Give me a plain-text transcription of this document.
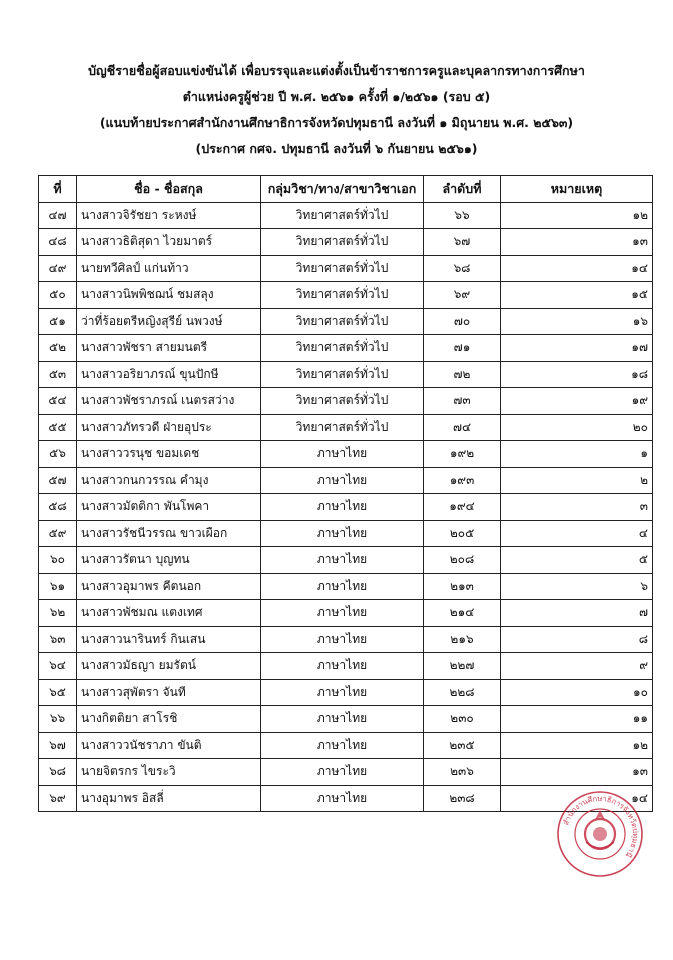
บัญชีรายชื่อผู้สอบแข่งขันได้ เพื่อบรรจุและแต่งตั้งเป็นข้าราชการครูและบุคลากรทางการศึกษา
ตำแหน่งครูผู้ช่วย ปี พ.ศ. ๒๕๖๑ ครั้งที่ ๑/๒๕๖๑ (รอบ ๕)
(แนบท้ายประกาศสำนักงานศึกษาธิการจังหวัดปทุมธานี ลงวันที่ ๑ มิถุนายน พ.ศ. ๒๕๖๓)
(ประกาศ กศจ. ปทุมธานี ลงวันที่ ๖ กันยายน ๒๕๖๑)
ที่	ชื่อ - ชื่อสกุล	กลุ่มวิชา/ทาง/สาขาวิชาเอก	ลำดับที่	หมายเหตุ
๔๗	นางสาวจิรัชยา ระหงษ์	วิทยาศาสตร์ทั่วไป	๖๖	๑๒
๔๘	นางสาวธิติสุดา ไวยมาตร์	วิทยาศาสตร์ทั่วไป	๖๗	๑๓
๔๙	นายทวีศิลป์ แก่นท้าว	วิทยาศาสตร์ทั่วไป	๖๘	๑๔
๕๐	นางสาวนิพพิชฌน์ ชมสลุง	วิทยาศาสตร์ทั่วไป	๖๙	๑๕
๕๑	ว่าที่ร้อยตรีหญิงสุรีย์ นพวงษ์	วิทยาศาสตร์ทั่วไป	๗๐	๑๖
๕๒	นางสาวพัชรา สายมนตรี	วิทยาศาสตร์ทั่วไป	๗๑	๑๗
๕๓	นางสาวอริยาภรณ์ ขุนปักษี	วิทยาศาสตร์ทั่วไป	๗๒	๑๘
๕๔	นางสาวพัชราภรณ์ เนตรสว่าง	วิทยาศาสตร์ทั่วไป	๗๓	๑๙
๕๕	นางสาวภัทรวดี ฝ่ายอุประ	วิทยาศาสตร์ทั่วไป	๗๔	๒๐
๕๖	นางสาววรนุช ขอมเดช	ภาษาไทย	๑๙๒	๑
๕๗	นางสาวกนกวรรณ คำมุง	ภาษาไทย	๑๙๓	๒
๕๘	นางสาวมัตติกา พันโพคา	ภาษาไทย	๑๙๔	๓
๕๙	นางสาวรัชนีวรรณ ขาวเผือก	ภาษาไทย	๒๐๕	๔
๖๐	นางสาวรัตนา บุญทน	ภาษาไทย	๒๐๘	๕
๖๑	นางสาวอุมาพร คีตนอก	ภาษาไทย	๒๑๓	๖
๖๒	นางสาวพัชมณ แตงเทศ	ภาษาไทย	๒๑๔	๗
๖๓	นางสาวนารินทร์ กินเสน	ภาษาไทย	๒๑๖	๘
๖๔	นางสาวมัธญา ยมรัตน์	ภาษาไทย	๒๒๗	๙
๖๕	นางสาวสุพัตรา จันที	ภาษาไทย	๒๒๘	๑๐
๖๖	นางกิตติยา สาโรชิ	ภาษาไทย	๒๓๐	๑๑
๖๗	นางสาววนัชราภา ขันติ	ภาษาไทย	๒๓๕	๑๒
๖๘	นายจิตรกร ไขระวิ	ภาษาไทย	๒๓๖	๑๓
๖๙	นางอุมาพร อิสลี่	ภาษาไทย	๒๓๘	๑๔
สำนักงานศึกษาธิการจังหวัดปทุมธานี
